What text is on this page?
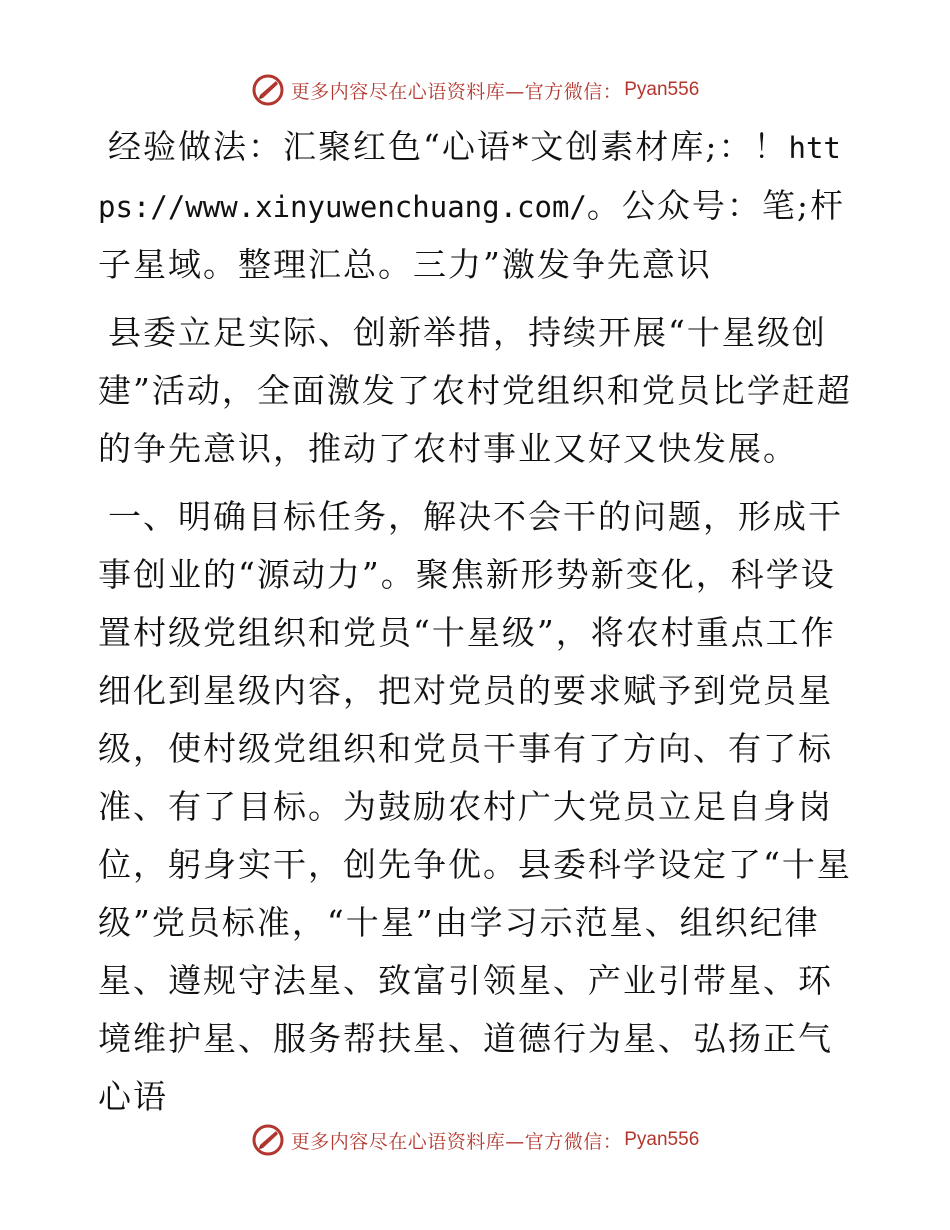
更多内容尽在心语资料库—官方微信： Pyan556

经验做法：汇聚红色“心语*文创素材库;：！https://www.xinyuwenchuang.com/。公众号：笔;杆子星域。整理汇总。三力”激发争先意识

县委立足实际、创新举措，持续开展“十星级创建”活动，全面激发了农村党组织和党员比学赶超的争先意识，推动了农村事业又好又快发展。

一、明确目标任务，解决不会干的问题，形成干事创业的“源动力”。聚焦新形势新变化，科学设置村级党组织和党员“十星级”，将农村重点工作细化到星级内容，把对党员的要求赋予到党员星级，使村级党组织和党员干事有了方向、有了标准、有了目标。为鼓励农村广大党员立足自身岗位，躬身实干，创先争优。县委科学设定了“十星级”党员标准，“十星”由学习示范星、组织纪律星、遵规守法星、致富引领星、产业引带星、环境维护星、服务帮扶星、道德行为星、弘扬正气心语

更多内容尽在心语资料库—官方微信： Pyan556
